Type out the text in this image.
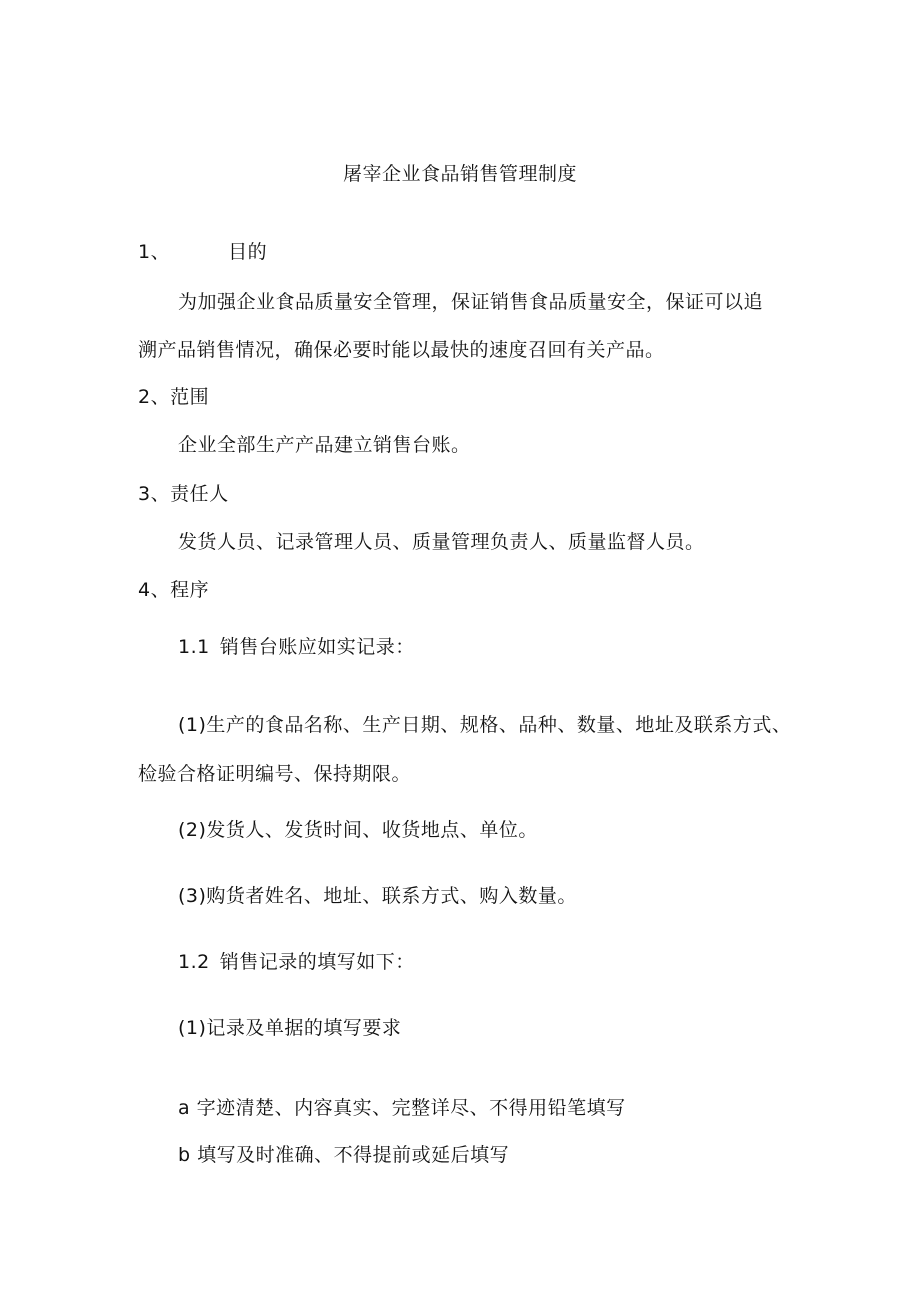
屠宰企业食品销售管理制度
1、	目的
为加强企业食品质量安全管理，保证销售食品质量安全，保证可以追
溯产品销售情况，确保必要时能以最快的速度召回有关产品。
2、范围
企业全部生产产品建立销售台账。
3、责任人
发货人员、记录管理人员、质量管理负责人、质量监督人员。
4、程序
1.1 销售台账应如实记录：
(1)生产的食品名称、生产日期、规格、品种、数量、地址及联系方式、
检验合格证明编号、保持期限。
(2)发货人、发货时间、收货地点、单位。
(3)购货者姓名、地址、联系方式、购入数量。
1.2 销售记录的填写如下：
(1)记录及单据的填写要求
a 字迹清楚、内容真实、完整详尽、不得用铅笔填写
b 填写及时准确、不得提前或延后填写
